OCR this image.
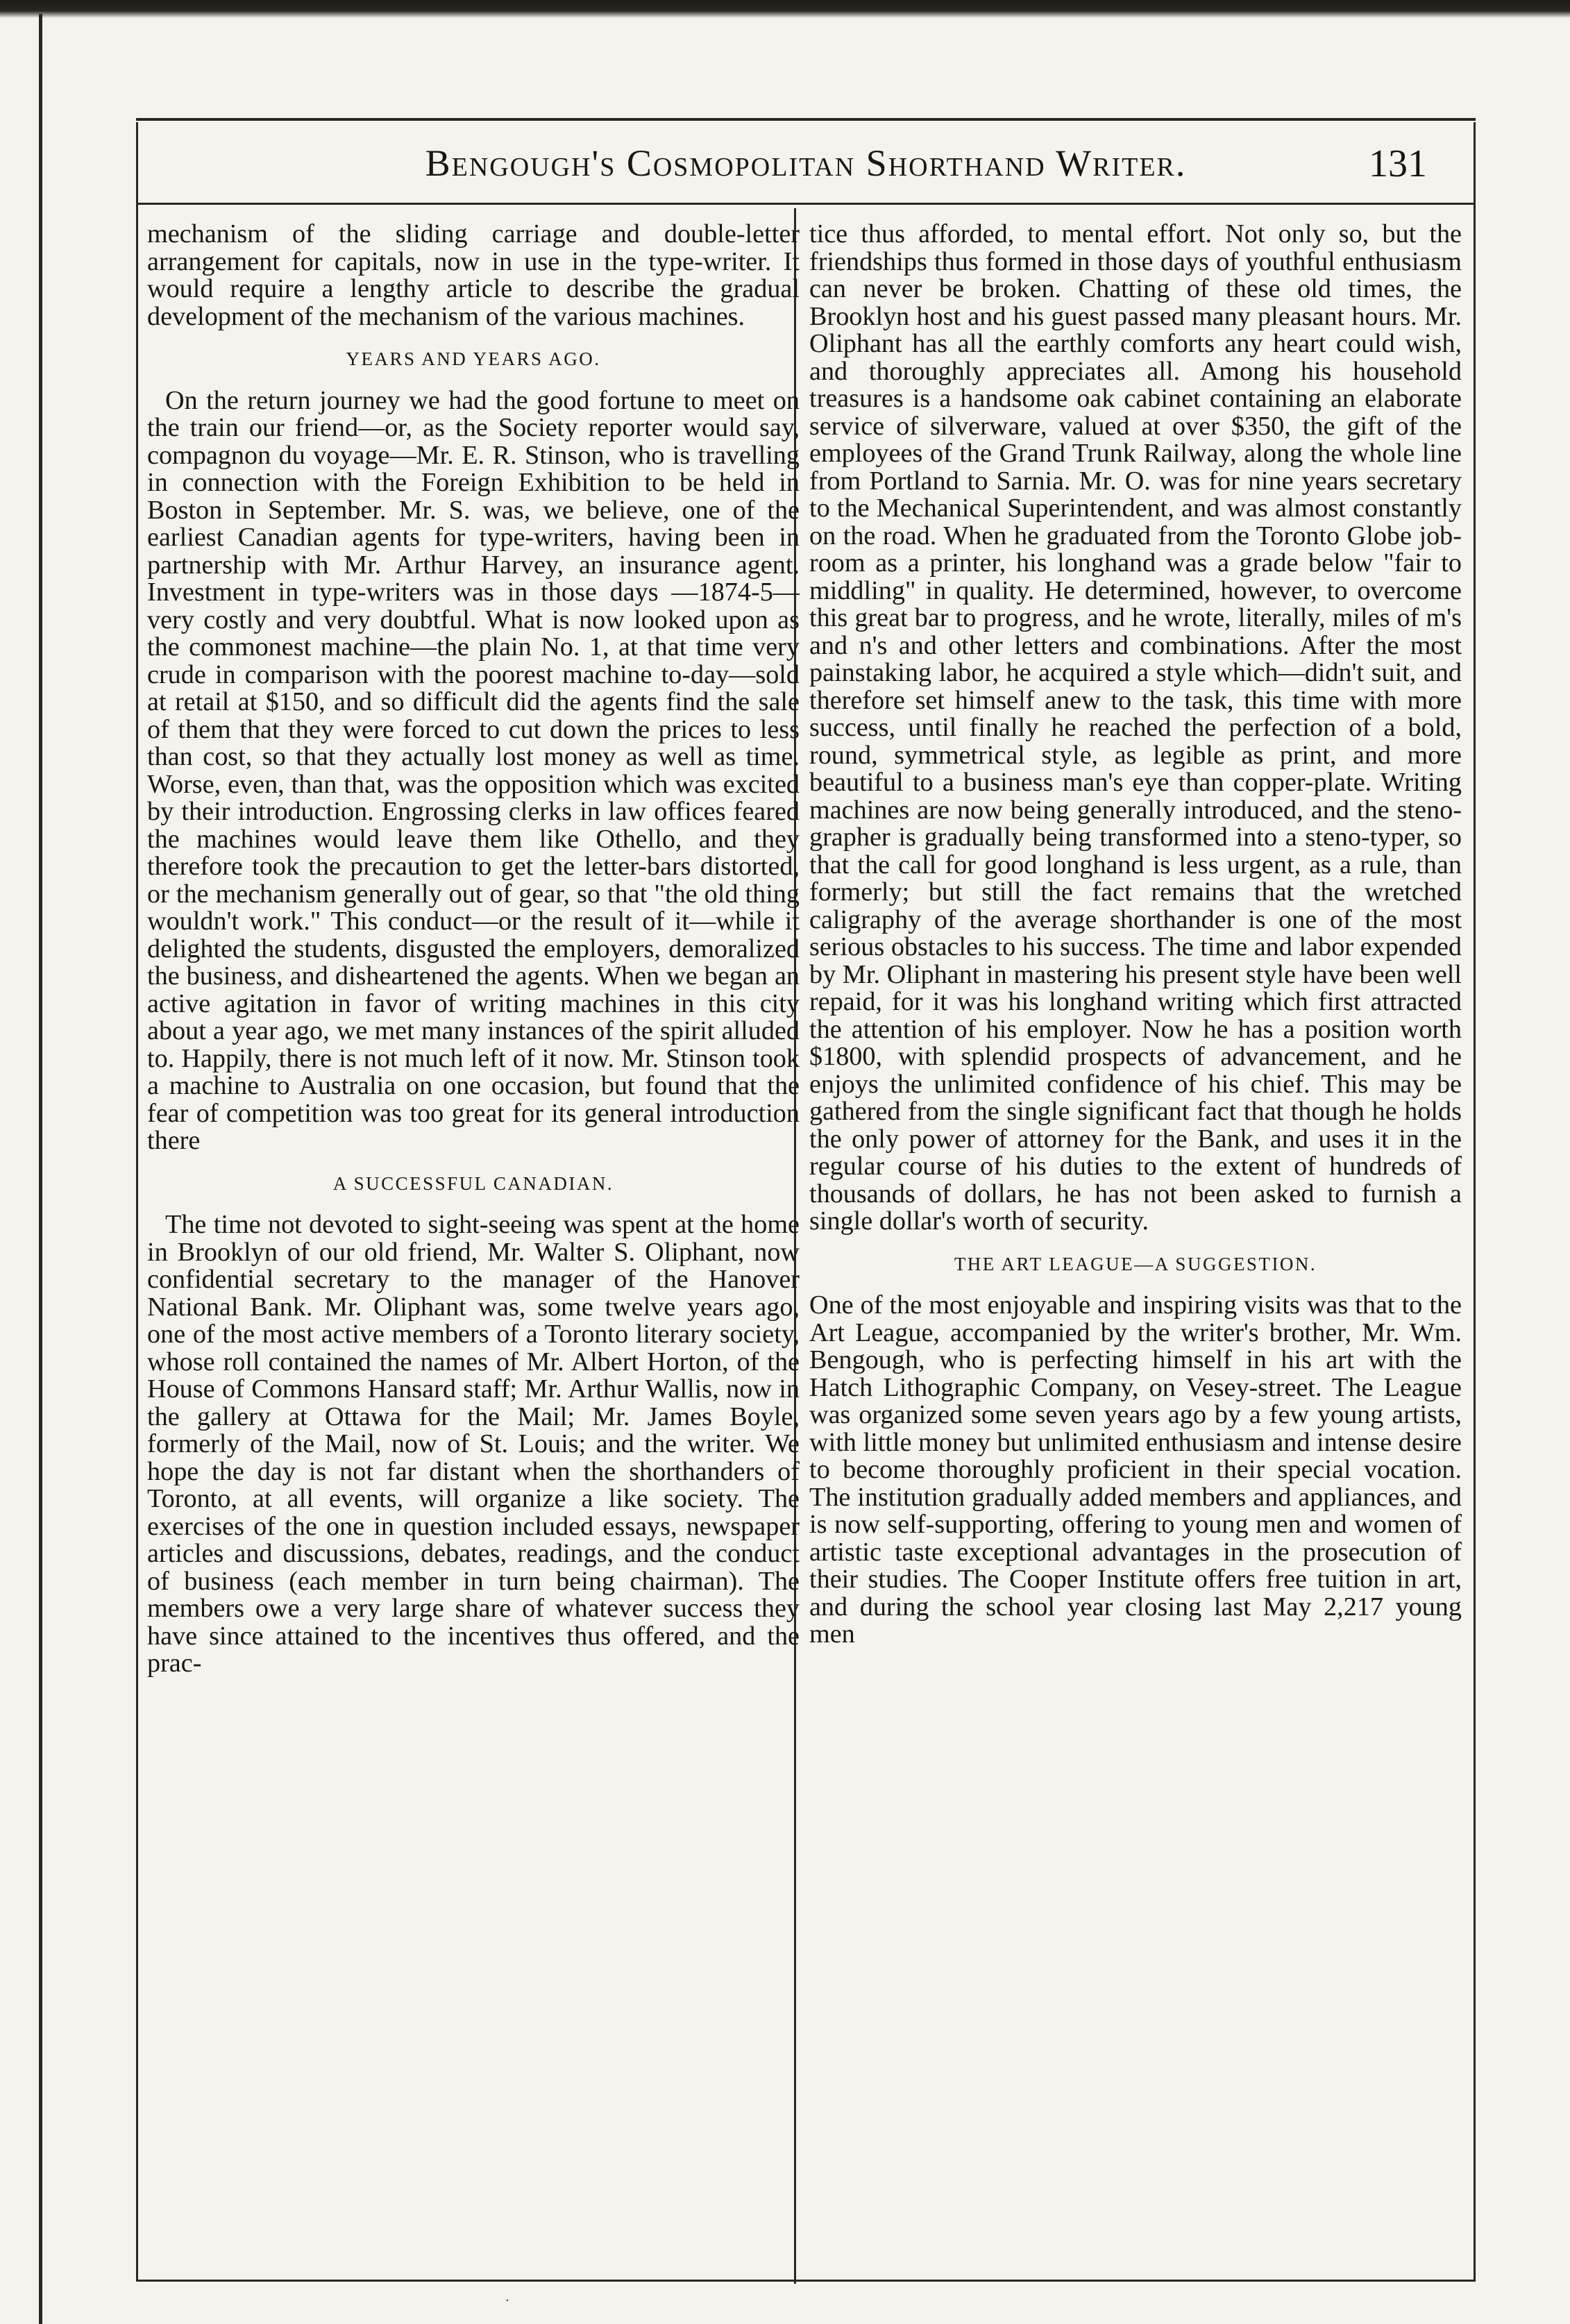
Bengough's Cosmopolitan Shorthand Writer.	131

mechanism of the sliding carriage and double-letter arrangement for capitals, now in use in the type-writer. It would require a lengthy article to describe the gradual development of the mechanism of the various machines.

YEARS AND YEARS AGO.

On the return journey we had the good fortune to meet on the train our friend—or, as the Society reporter would say, compagnon du voyage—Mr. E. R. Stinson, who is travelling in connection with the Foreign Exhibition to be held in Boston in September. Mr. S. was, we believe, one of the earliest Canadian agents for type-writers, having been in partnership with Mr. Arthur Harvey, an insurance agent. Investment in type-writers was in those days —1874-5—very costly and very doubtful. What is now looked upon as the commonest machine—the plain No. 1, at that time very crude in comparison with the poorest machine to-day—sold at retail at $150, and so difficult did the agents find the sale of them that they were forced to cut down the prices to less than cost, so that they actually lost money as well as time. Worse, even, than that, was the opposition which was excited by their introduction. Engrossing clerks in law offices feared the machines would leave them like Othello, and they therefore took the precaution to get the letter-bars distorted, or the mechanism generally out of gear, so that "the old thing wouldn't work." This conduct—or the result of it—while it delighted the students, disgusted the employers, demoralized the business, and disheartened the agents. When we began an active agitation in favor of writing machines in this city about a year ago, we met many instances of the spirit alluded to. Happily, there is not much left of it now. Mr. Stinson took a machine to Australia on one occasion, but found that the fear of competition was too great for its general introduction there

A SUCCESSFUL CANADIAN.

The time not devoted to sight-seeing was spent at the home in Brooklyn of our old friend, Mr. Walter S. Oliphant, now confidential secretary to the manager of the Hanover National Bank. Mr. Oliphant was, some twelve years ago, one of the most active members of a Toronto literary society, whose roll contained the names of Mr. Albert Horton, of the House of Commons Hansard staff; Mr. Arthur Wallis, now in the gallery at Ottawa for the Mail; Mr. James Boyle, formerly of the Mail, now of St. Louis; and the writer. We hope the day is not far distant when the shorthanders of Toronto, at all events, will organize a like society. The exercises of the one in question included essays, newspaper articles and discussions, debates, readings, and the conduct of business (each member in turn being chairman). The members owe a very large share of whatever success they have since attained to the incentives thus offered, and the prac-

tice thus afforded, to mental effort. Not only so, but the friendships thus formed in those days of youthful enthusiasm can never be broken. Chatting of these old times, the Brooklyn host and his guest passed many pleasant hours. Mr. Oliphant has all the earthly comforts any heart could wish, and thoroughly appreciates all. Among his household treasures is a handsome oak cabinet containing an elaborate service of silverware, valued at over $350, the gift of the employees of the Grand Trunk Railway, along the whole line from Portland to Sarnia. Mr. O. was for nine years secretary to the Mechanical Superintendent, and was almost constantly on the road. When he graduated from the Toronto Globe job-room as a printer, his longhand was a grade below "fair to middling" in quality. He determined, however, to overcome this great bar to progress, and he wrote, literally, miles of m's and n's and other letters and combinations. After the most painstaking labor, he acquired a style which—didn't suit, and therefore set himself anew to the task, this time with more success, until finally he reached the perfection of a bold, round, symmetrical style, as legible as print, and more beautiful to a business man's eye than copper-plate. Writing machines are now being generally introduced, and the steno-grapher is gradually being transformed into a steno-typer, so that the call for good longhand is less urgent, as a rule, than formerly; but still the fact remains that the wretched caligraphy of the average shorthander is one of the most serious obstacles to his success. The time and labor expended by Mr. Oliphant in mastering his present style have been well repaid, for it was his longhand writing which first attracted the attention of his employer. Now he has a position worth $1800, with splendid prospects of advancement, and he enjoys the unlimited confidence of his chief. This may be gathered from the single significant fact that though he holds the only power of attorney for the Bank, and uses it in the regular course of his duties to the extent of hundreds of thousands of dollars, he has not been asked to furnish a single dollar's worth of security.

THE ART LEAGUE—A SUGGESTION.

One of the most enjoyable and inspiring visits was that to the Art League, accompanied by the writer's brother, Mr. Wm. Bengough, who is perfecting himself in his art with the Hatch Lithographic Company, on Vesey-street. The League was organized some seven years ago by a few young artists, with little money but unlimited enthusiasm and intense desire to become thoroughly proficient in their special vocation. The institution gradually added members and appliances, and is now self-supporting, offering to young men and women of artistic taste exceptional advantages in the prosecution of their studies. The Cooper Institute offers free tuition in art, and during the school year closing last May 2,217 young men

·
